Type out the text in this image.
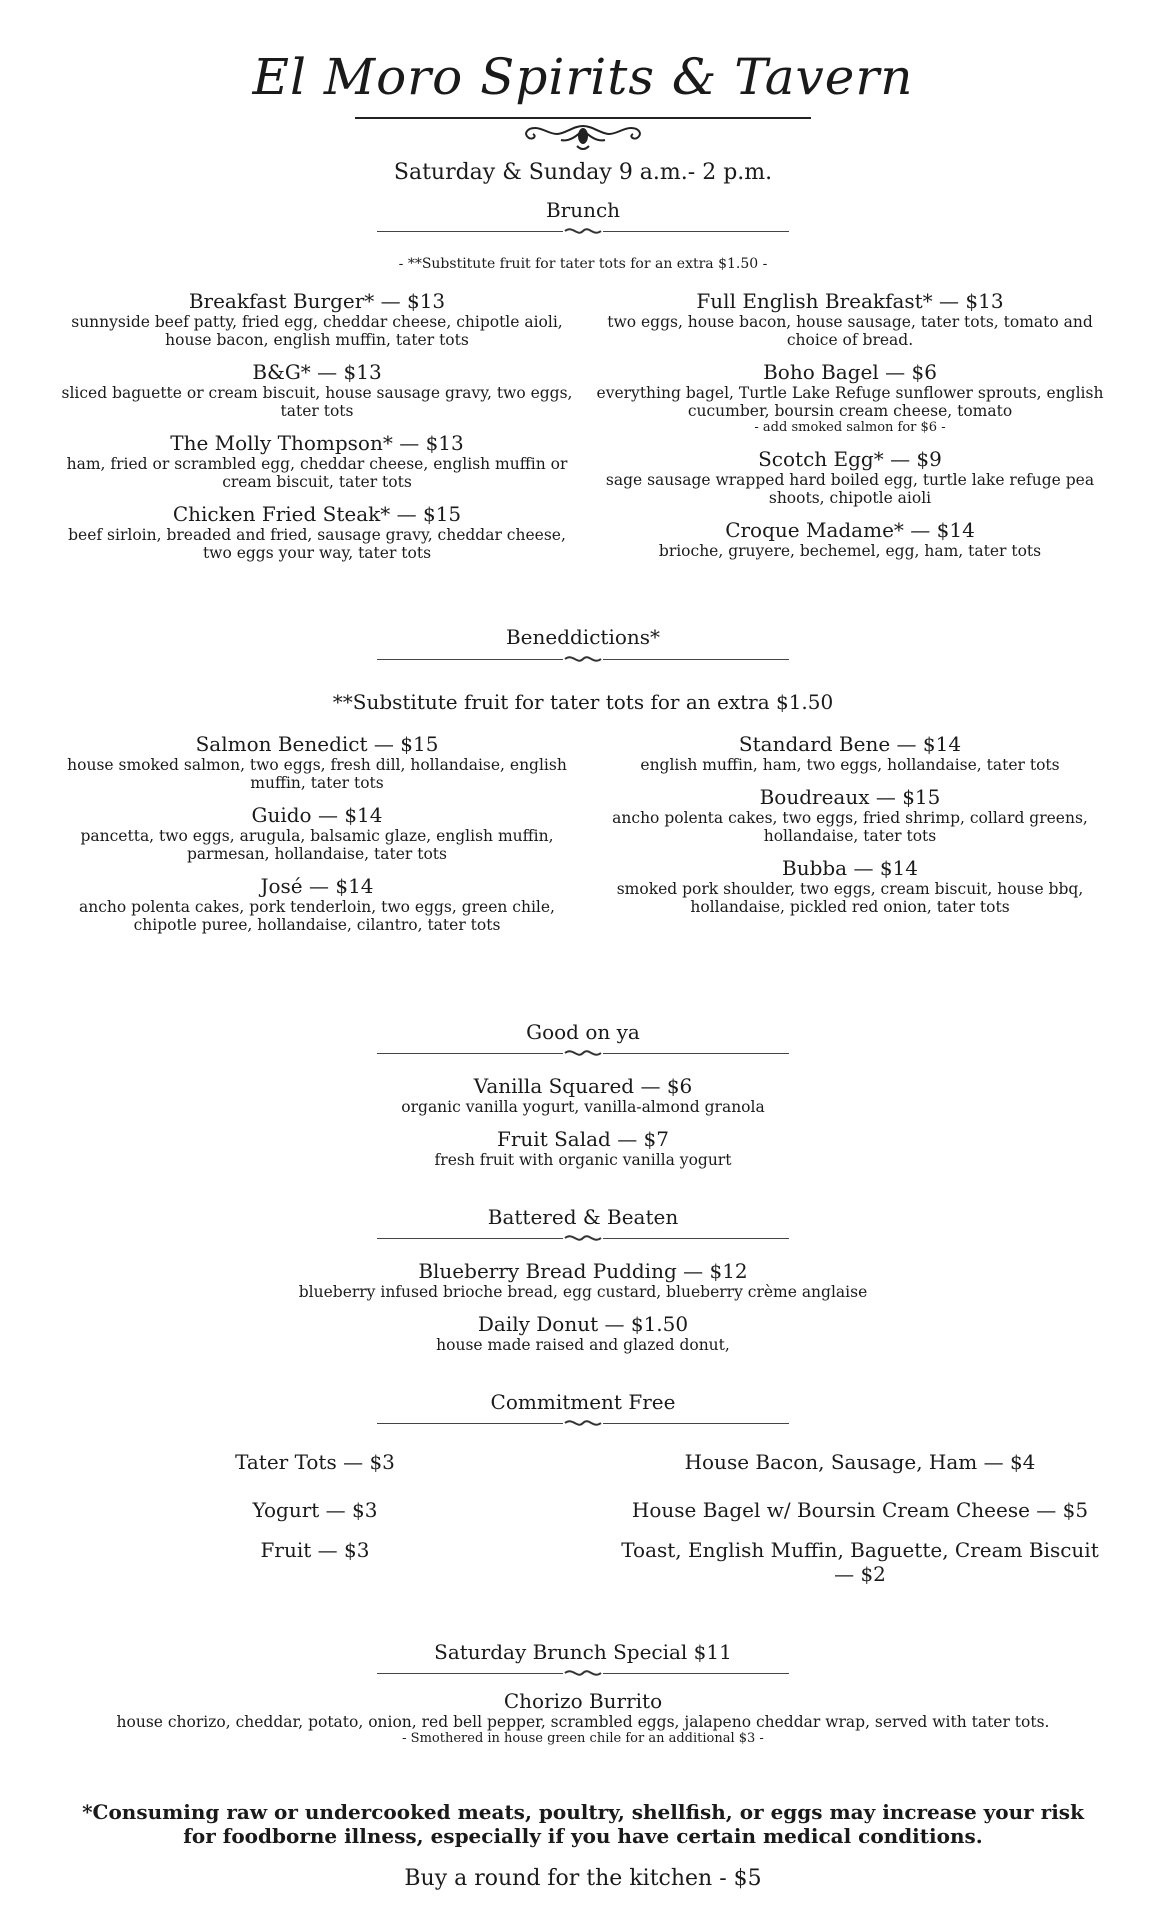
El Moro Spirits & Tavern
Saturday & Sunday 9 a.m.- 2 p.m.
Brunch
- **Substitute fruit for tater tots for an extra $1.50 -
Breakfast Burger* — $13
sunnyside beef patty, fried egg, cheddar cheese, chipotle aioli, house bacon, english muffin, tater tots
B&G* — $13
sliced baguette or cream biscuit, house sausage gravy, two eggs, tater tots
The Molly Thompson* — $13
ham, fried or scrambled egg, cheddar cheese, english muffin or cream biscuit, tater tots
Chicken Fried Steak* — $15
beef sirloin, breaded and fried, sausage gravy, cheddar cheese, two eggs your way, tater tots
Full English Breakfast* — $13
two eggs, house bacon, house sausage, tater tots, tomato and choice of bread.
Boho Bagel — $6
everything bagel, Turtle Lake Refuge sunflower sprouts, english cucumber, boursin cream cheese, tomato
- add smoked salmon for $6 -
Scotch Egg* — $9
sage sausage wrapped hard boiled egg, turtle lake refuge pea shoots, chipotle aioli
Croque Madame* — $14
brioche, gruyere, bechemel, egg, ham, tater tots
Beneddictions*
**Substitute fruit for tater tots for an extra $1.50
Salmon Benedict — $15
house smoked salmon, two eggs, fresh dill, hollandaise, english muffin, tater tots
Guido — $14
pancetta, two eggs, arugula, balsamic glaze, english muffin, parmesan, hollandaise, tater tots
José — $14
ancho polenta cakes, pork tenderloin, two eggs, green chile, chipotle puree, hollandaise, cilantro, tater tots
Standard Bene — $14
english muffin, ham, two eggs, hollandaise, tater tots
Boudreaux — $15
ancho polenta cakes, two eggs, fried shrimp, collard greens, hollandaise, tater tots
Bubba — $14
smoked pork shoulder, two eggs, cream biscuit, house bbq, hollandaise, pickled red onion, tater tots
Good on ya
Vanilla Squared — $6
organic vanilla yogurt, vanilla-almond granola
Fruit Salad — $7
fresh fruit with organic vanilla yogurt
Battered & Beaten
Blueberry Bread Pudding — $12
blueberry infused brioche bread, egg custard, blueberry crème anglaise
Daily Donut — $1.50
house made raised and glazed donut,
Commitment Free
Tater Tots — $3
Yogurt — $3
Fruit — $3
House Bacon, Sausage, Ham — $4
House Bagel w/ Boursin Cream Cheese — $5
Toast, English Muffin, Baguette, Cream Biscuit — $2
Saturday Brunch Special $11
Chorizo Burrito
house chorizo, cheddar, potato, onion, red bell pepper, scrambled eggs, jalapeno cheddar wrap, served with tater tots.
- Smothered in house green chile for an additional $3 -
*Consuming raw or undercooked meats, poultry, shellfish, or eggs may increase your risk for foodborne illness, especially if you have certain medical conditions.
Buy a round for the kitchen - $5
